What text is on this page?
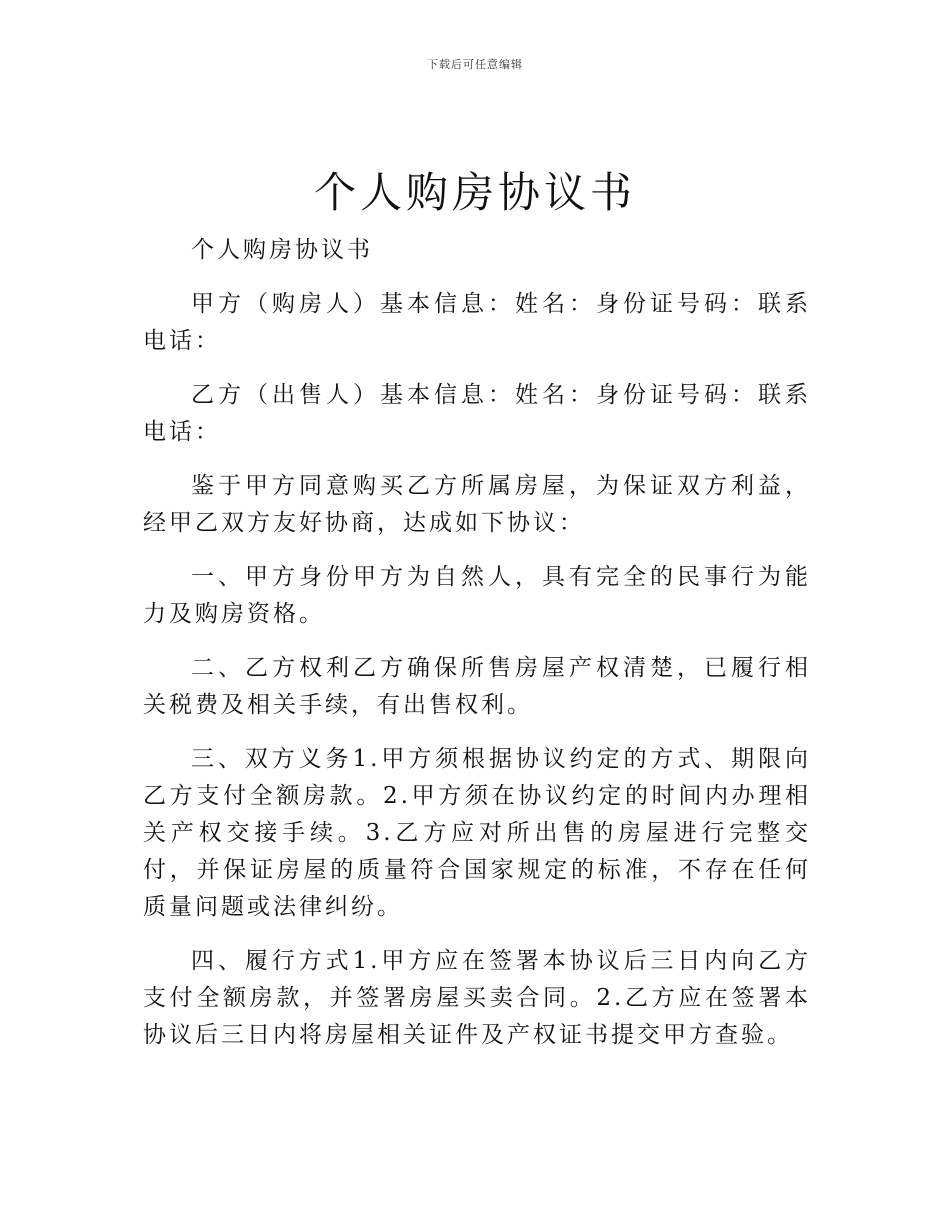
下载后可任意编辑
个人购房协议书

个人购房协议书

甲方（购房人）基本信息：姓名：身份证号码：联系电话：

乙方（出售人）基本信息：姓名：身份证号码：联系电话：

鉴于甲方同意购买乙方所属房屋，为保证双方利益，经甲乙双方友好协商，达成如下协议：

一、甲方身份甲方为自然人，具有完全的民事行为能力及购房资格。

二、乙方权利乙方确保所售房屋产权清楚，已履行相关税费及相关手续，有出售权利。

三、双方义务1.甲方须根据协议约定的方式、期限向乙方支付全额房款。2.甲方须在协议约定的时间内办理相关产权交接手续。3.乙方应对所出售的房屋进行完整交付，并保证房屋的质量符合国家规定的标准，不存在任何质量问题或法律纠纷。

四、履行方式1.甲方应在签署本协议后三日内向乙方支付全额房款，并签署房屋买卖合同。2.乙方应在签署本协议后三日内将房屋相关证件及产权证书提交甲方查验。
